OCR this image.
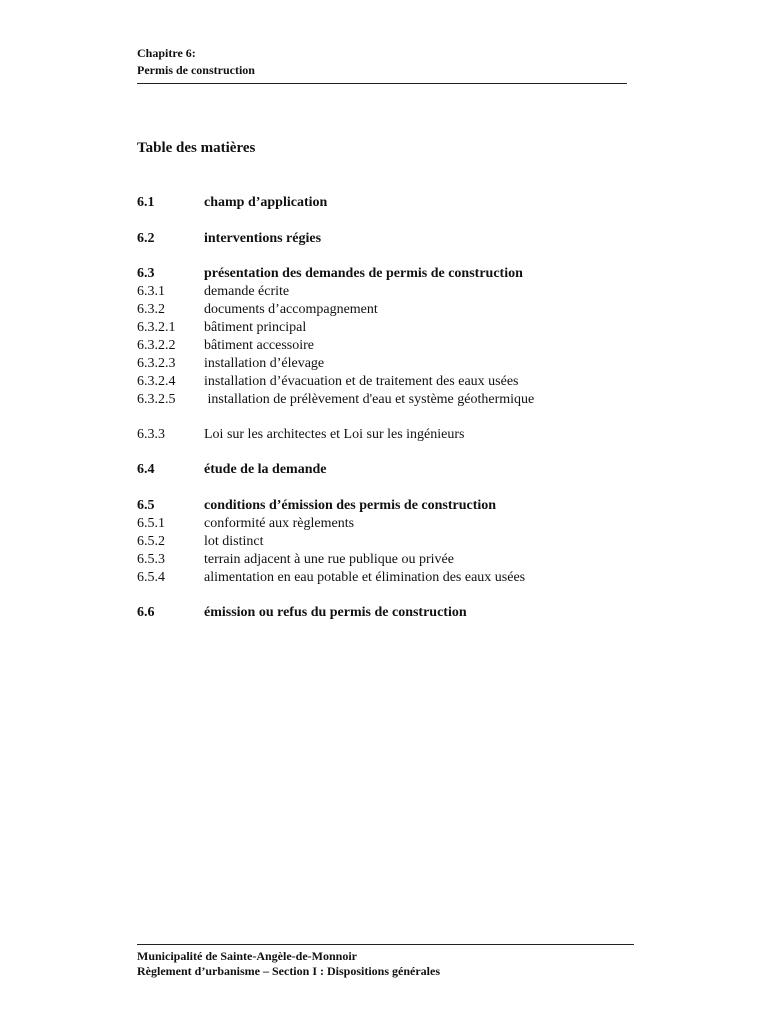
Chapitre 6:
Permis de construction
Table des matières
6.1	champ d’application
6.2	interventions régies
6.3	présentation des demandes de permis de construction
6.3.1	demande écrite
6.3.2	documents d’accompagnement
6.3.2.1 bâtiment principal
6.3.2.2 bâtiment accessoire
6.3.2.3 installation d’élevage
6.3.2.4 installation d’évacuation et de traitement des eaux usées
6.3.2.5 installation de prélèvement d'eau et système géothermique
6.3.3	Loi sur les architectes et Loi sur les ingénieurs
6.4	étude de la demande
6.5	conditions d’émission des permis de construction
6.5.1	conformité aux règlements
6.5.2	lot distinct
6.5.3	terrain adjacent à une rue publique ou privée
6.5.4	alimentation en eau potable et élimination des eaux usées
6.6	émission ou refus du permis de construction
Municipalité de Sainte-Angèle-de-Monnoir
Règlement d’urbanisme – Section I : Dispositions générales
